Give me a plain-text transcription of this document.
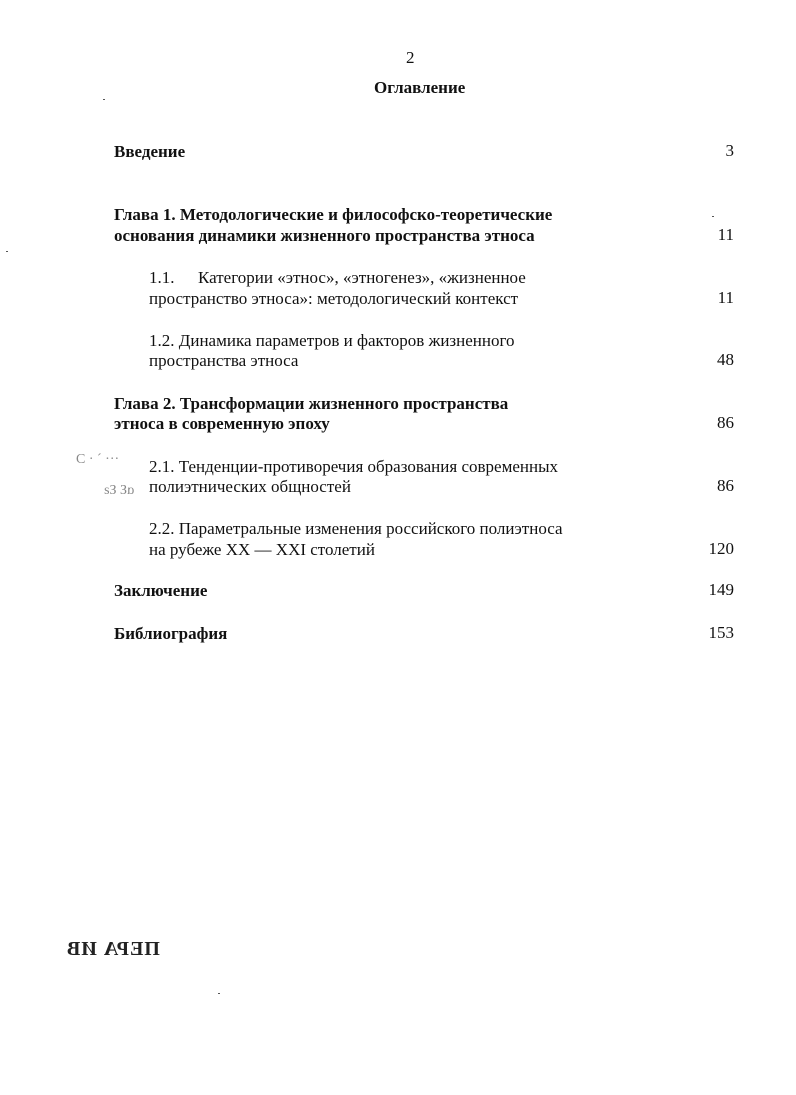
2
Оглавление
Введение	3
Глава 1. Методологические и философско-теоретические
основания динамики жизненного пространства этноса	11
1.1. Категории «этнос», «этногенез», «жизненное
пространство этноса»: методологический контекст	11
1.2. Динамика параметров и факторов жизненного
пространства этноса	48
Глава 2. Трансформации жизненного пространства
этноса в современную эпоху	86
2.1. Тенденции-противоречия образования современных
полиэтнических общностей	86
2.2. Параметральные изменения российского полиэтноса
на рубеже XX — XXI столетий	120
Заключение	149
Библиография	153
C · ´ ···
ɑƐ Ɛƨ
ПЕРА ИВ
